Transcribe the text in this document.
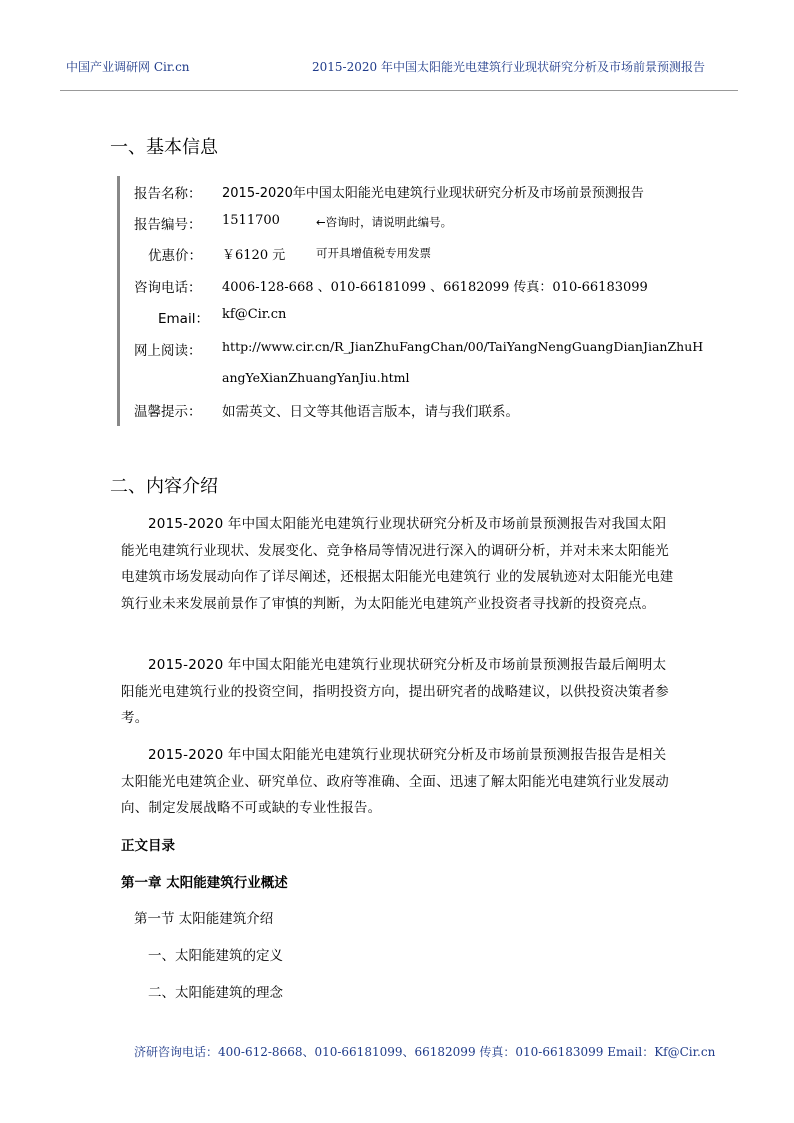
中国产业调研网 Cir.cn	2015-2020 年中国太阳能光电建筑行业现状研究分析及市场前景预测报告
一、基本信息
报告名称： 2015-2020年中国太阳能光电建筑行业现状研究分析及市场前景预测报告
报告编号： 1511700	←咨询时，请说明此编号。
优惠价： ￥6120 元	可开具增值税专用发票
咨询电话： 4006-128-668 、010-66181099 、66182099 传真：010-66183099
Email： kf@Cir.cn
网上阅读： http://www.cir.cn/R_JianZhuFangChan/00/TaiYangNengGuangDianJianZhuH
angYeXianZhuangYanJiu.html
温馨提示： 如需英文、日文等其他语言版本，请与我们联系。
二、内容介绍
2015-2020 年中国太阳能光电建筑行业现状研究分析及市场前景预测报告对我国太阳能光电建筑行业现状、发展变化、竞争格局等情况进行深入的调研分析，并对未来太阳能光电建筑市场发展动向作了详尽阐述，还根据太阳能光电建筑行 业的发展轨迹对太阳能光电建筑行业未来发展前景作了审慎的判断，为太阳能光电建筑产业投资者寻找新的投资亮点。
2015-2020 年中国太阳能光电建筑行业现状研究分析及市场前景预测报告最后阐明太阳能光电建筑行业的投资空间，指明投资方向，提出研究者的战略建议，以供投资决策者参考。
2015-2020 年中国太阳能光电建筑行业现状研究分析及市场前景预测报告报告是相关太阳能光电建筑企业、研究单位、政府等准确、全面、迅速了解太阳能光电建筑行业发展动向、制定发展战略不可或缺的专业性报告。
正文目录
第一章 太阳能建筑行业概述
第一节 太阳能建筑介绍
一、太阳能建筑的定义
二、太阳能建筑的理念
济研咨询电话：400-612-8668、010-66181099、66182099 传真：010-66183099 Email：Kf@Cir.cn
